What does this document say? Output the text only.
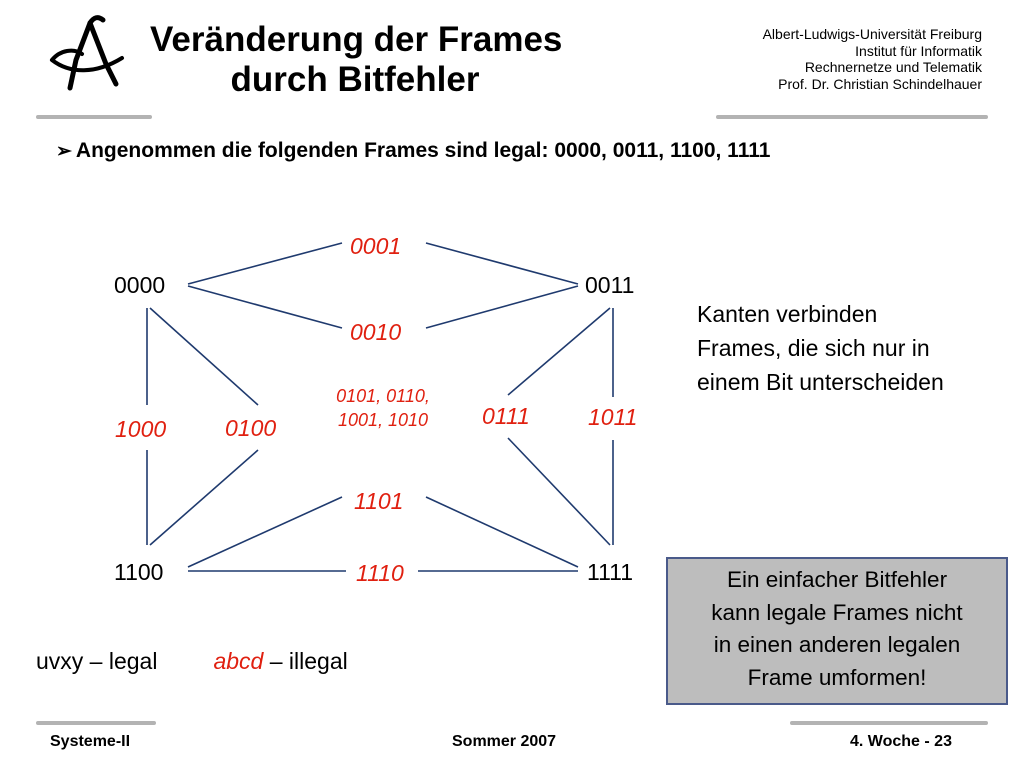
Veränderung der Frames
durch Bitfehler
Albert-Ludwigs-Universität Freiburg
Institut für Informatik
Rechnernetze und Telematik
Prof. Dr. Christian Schindelhauer
➢ Angenommen die folgenden Frames sind legal: 0000, 0011, 1100, 1111
0000	0011
1100	1111
0001
0010
1000	0100	0111	1011
1101
1110
0101, 0110,
1001, 1010
Kanten verbinden
Frames, die sich nur in
einem Bit unterscheiden
Ein einfacher Bitfehler
kann legale Frames nicht
in einen anderen legalen
Frame umformen!
uvxy – legal abcd – illegal
Systeme-II	Sommer 2007	4. Woche - 23
